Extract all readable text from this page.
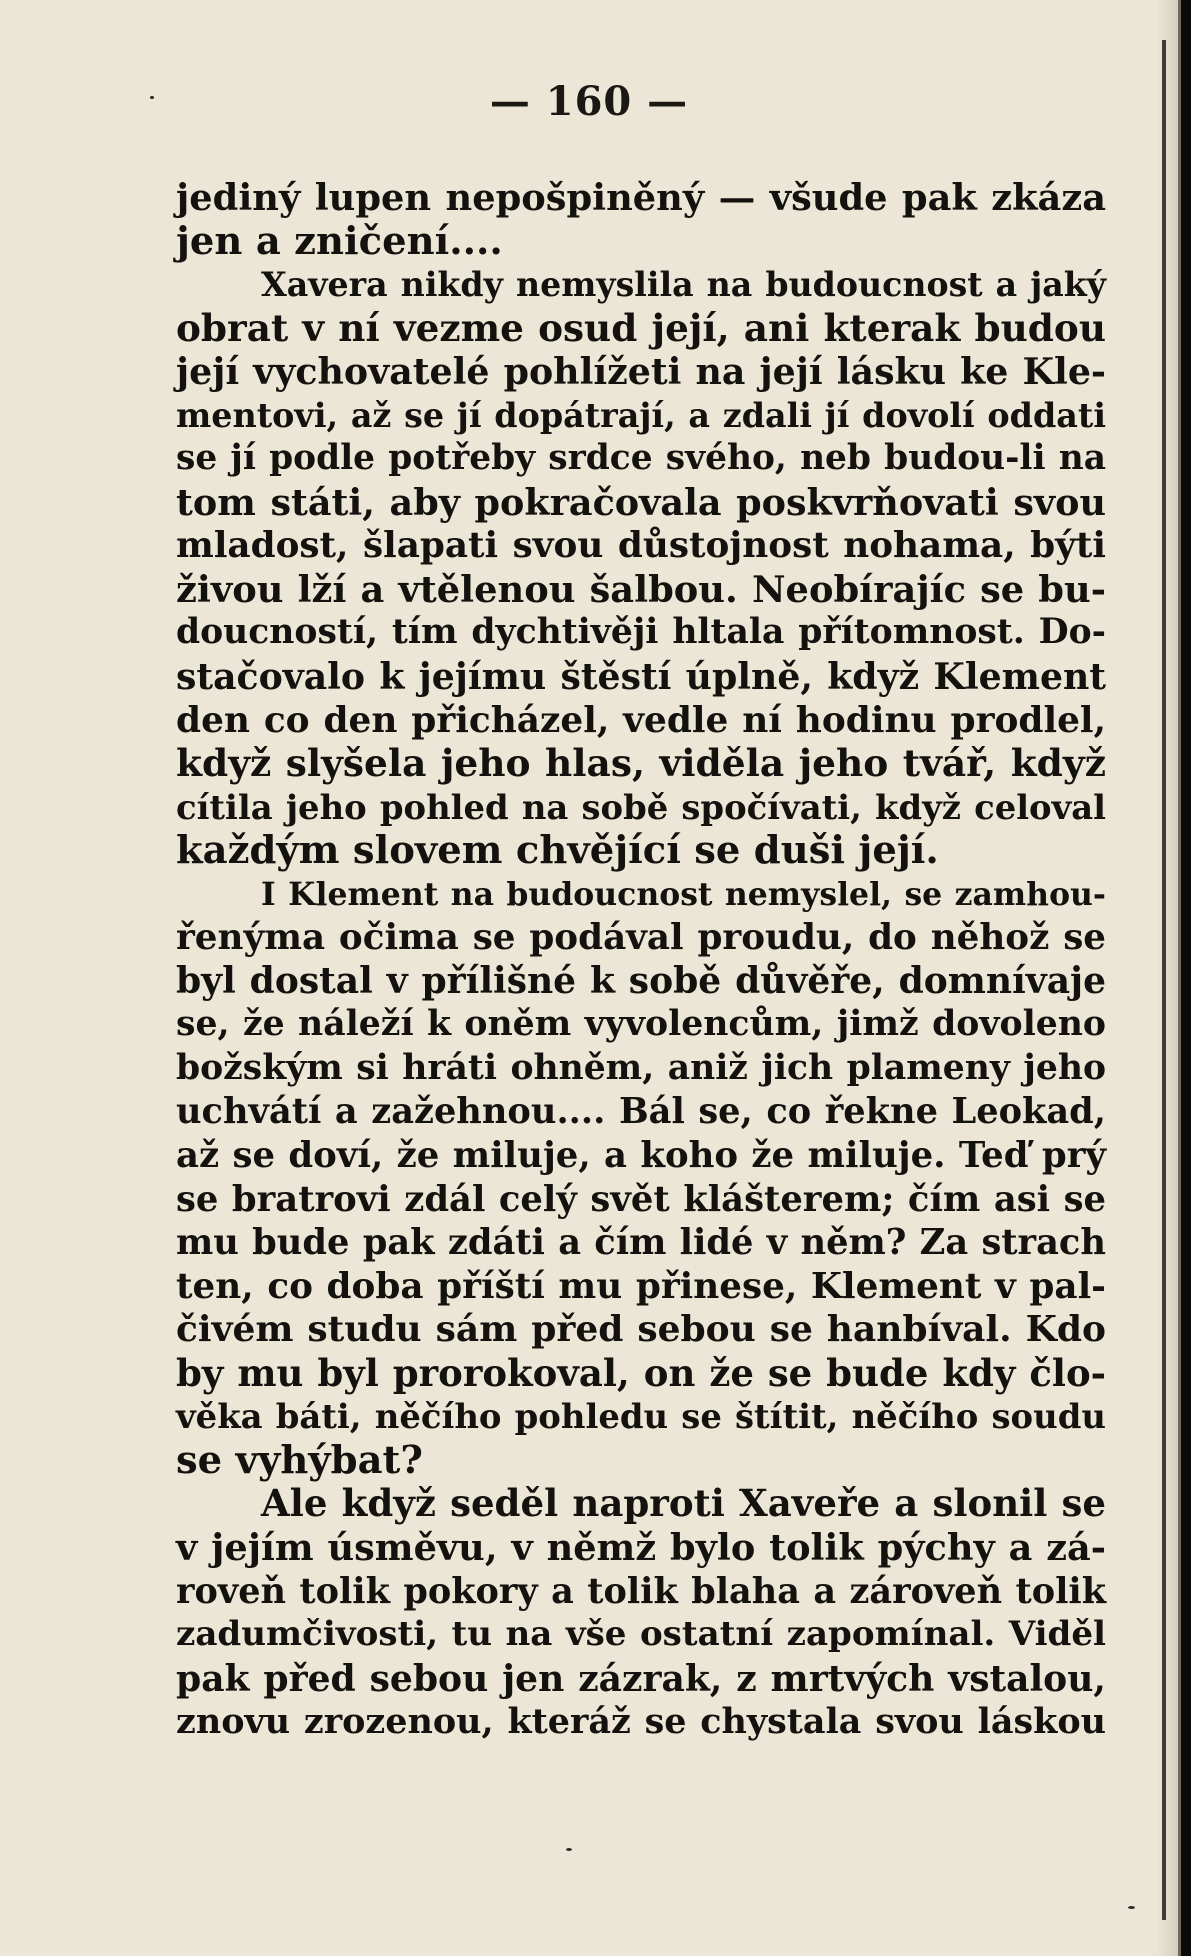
— 160 —
jediný lupen nepošpiněný — všude pak zkáza
jen a zničení....
Xavera nikdy nemyslila na budoucnost a jaký
obrat v ní vezme osud její, ani kterak budou
její vychovatelé pohlížeti na její lásku ke Kle-
mentovi, až se jí dopátrají, a zdali jí dovolí oddati
se jí podle potřeby srdce svého, neb budou-li na
tom státi, aby pokračovala poskvrňovati svou
mladost, šlapati svou důstojnost nohama, býti
živou lží a vtělenou šalbou. Neobírajíc se bu-
doucností, tím dychtivěji hltala přítomnost. Do-
stačovalo k jejímu štěstí úplně, když Klement
den co den přicházel, vedle ní hodinu prodlel,
když slyšela jeho hlas, viděla jeho tvář, když
cítila jeho pohled na sobě spočívati, když celoval
každým slovem chvějící se duši její.
I Klement na budoucnost nemyslel, se zamhou-
řenýma očima se podával proudu, do něhož se
byl dostal v přílišné k sobě důvěře, domnívaje
se, že náleží k oněm vyvolencům, jimž dovoleno
božským si hráti ohněm, aniž jich plameny jeho
uchvátí a zažehnou.... Bál se, co řekne Leokad,
až se doví, že miluje, a koho že miluje. Teď prý
se bratrovi zdál celý svět klášterem; čím asi se
mu bude pak zdáti a čím lidé v něm? Za strach
ten, co doba příští mu přinese, Klement v pal-
čivém studu sám před sebou se hanbíval. Kdo
by mu byl prorokoval, on že se bude kdy člo-
věka báti, něčího pohledu se štítit, něčího soudu
se vyhýbat?
Ale když seděl naproti Xaveře a slonil se
v jejím úsměvu, v němž bylo tolik pýchy a zá-
roveň tolik pokory a tolik blaha a zároveň tolik
zadumčivosti, tu na vše ostatní zapomínal. Viděl
pak před sebou jen zázrak, z mrtvých vstalou,
znovu zrozenou, kteráž se chystala svou láskou
